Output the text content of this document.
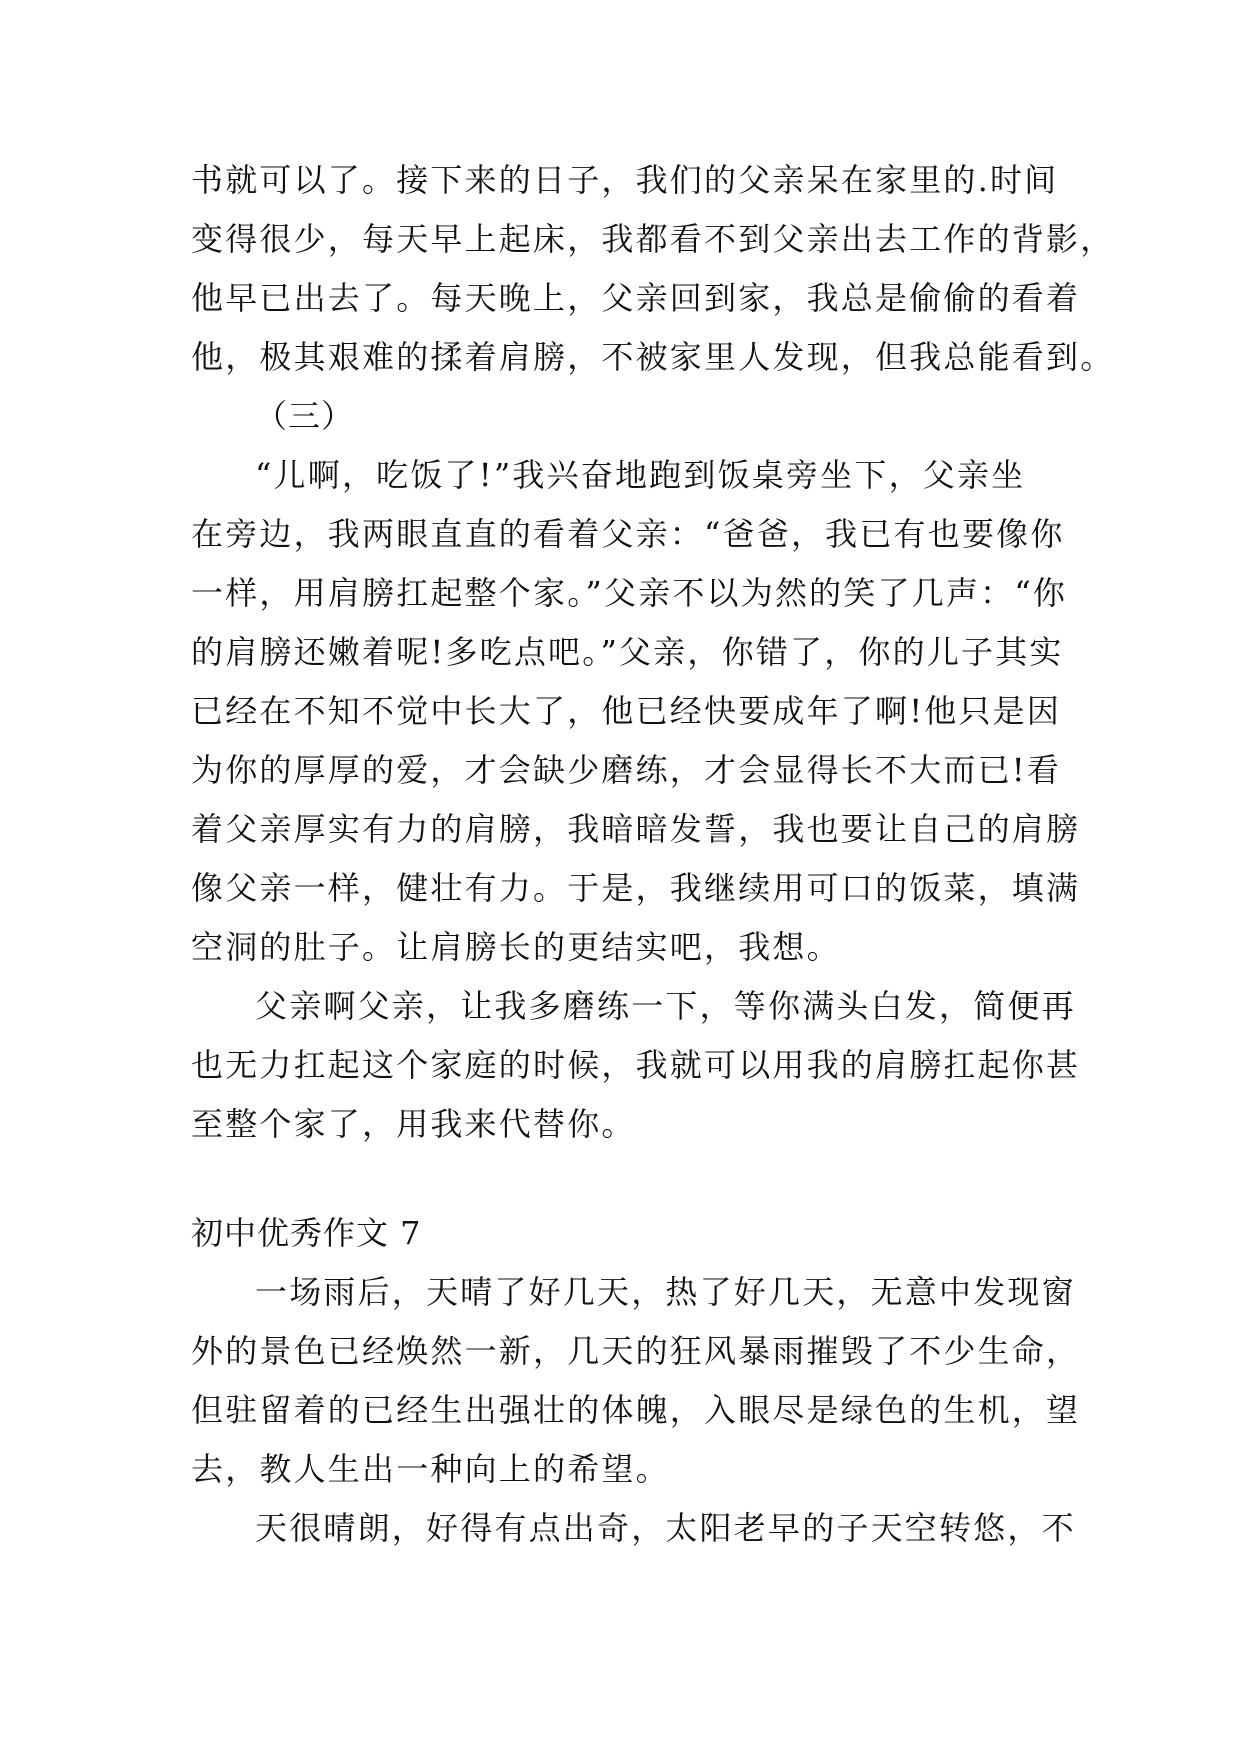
书就可以了。接下来的日子，我们的父亲呆在家里的.时间
变得很少，每天早上起床，我都看不到父亲出去工作的背影，
他早已出去了。每天晚上，父亲回到家，我总是偷偷的看着
他，极其艰难的揉着肩膀，不被家里人发现，但我总能看到。
（三）
“儿啊，吃饭了!”我兴奋地跑到饭桌旁坐下，父亲坐
在旁边，我两眼直直的看着父亲：“爸爸，我已有也要像你
一样，用肩膀扛起整个家。”父亲不以为然的笑了几声：“你
的肩膀还嫩着呢!多吃点吧。”父亲，你错了，你的儿子其实
已经在不知不觉中长大了，他已经快要成年了啊!他只是因
为你的厚厚的爱，才会缺少磨练，才会显得长不大而已!看
着父亲厚实有力的肩膀，我暗暗发誓，我也要让自己的肩膀
像父亲一样，健壮有力。于是，我继续用可口的饭菜，填满
空洞的肚子。让肩膀长的更结实吧，我想。
父亲啊父亲，让我多磨练一下，等你满头白发，简便再
也无力扛起这个家庭的时候，我就可以用我的肩膀扛起你甚
至整个家了，用我来代替你。
初中优秀作文 7
一场雨后，天晴了好几天，热了好几天，无意中发现窗
外的景色已经焕然一新，几天的狂风暴雨摧毁了不少生命，
但驻留着的已经生出强壮的体魄，入眼尽是绿色的生机，望
去，教人生出一种向上的希望。
天很晴朗，好得有点出奇，太阳老早的子天空转悠，不
